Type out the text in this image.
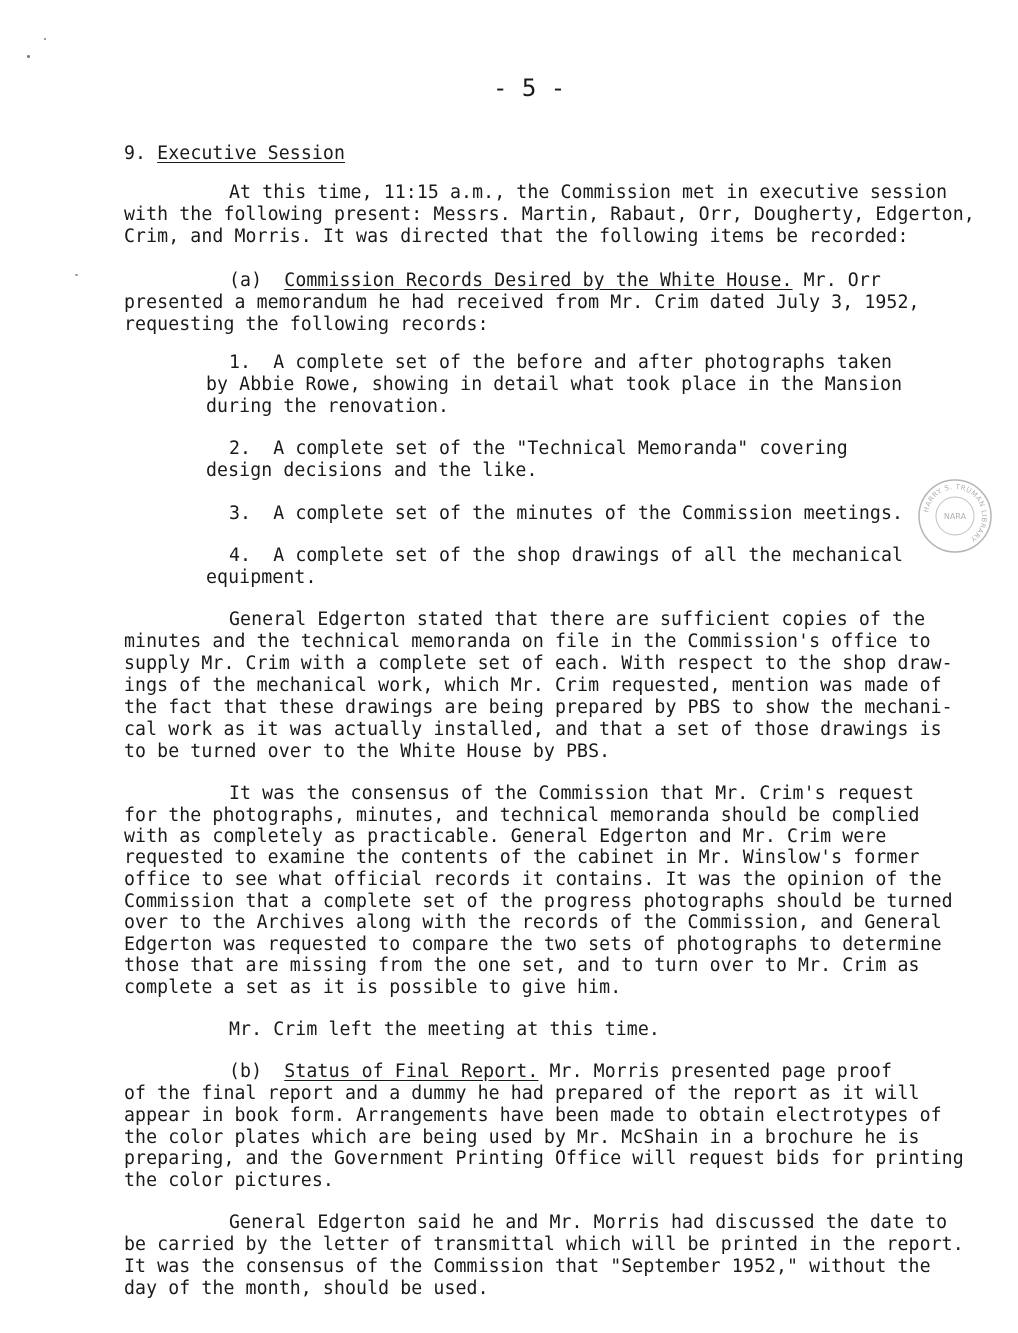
- 5 -
9. Executive Session
At this time, 11:15 a.m., the Commission met in executive session
with the following present: Messrs. Martin, Rabaut, Orr, Dougherty, Edgerton,
Crim, and Morris. It was directed that the following items be recorded:
(a) Commission Records Desired by the White House. Mr. Orr
presented a memorandum he had received from Mr. Crim dated July 3, 1952,
requesting the following records:
1. A complete set of the before and after photographs taken
by Abbie Rowe, showing in detail what took place in the Mansion
during the renovation.
2. A complete set of the "Technical Memoranda" covering
design decisions and the like.
3. A complete set of the minutes of the Commission meetings.
4. A complete set of the shop drawings of all the mechanical
equipment.
General Edgerton stated that there are sufficient copies of the
minutes and the technical memoranda on file in the Commission's office to
supply Mr. Crim with a complete set of each. With respect to the shop draw-
ings of the mechanical work, which Mr. Crim requested, mention was made of
the fact that these drawings are being prepared by PBS to show the mechani-
cal work as it was actually installed, and that a set of those drawings is
to be turned over to the White House by PBS.
It was the consensus of the Commission that Mr. Crim's request
for the photographs, minutes, and technical memoranda should be complied
with as completely as practicable. General Edgerton and Mr. Crim were
requested to examine the contents of the cabinet in Mr. Winslow's former
office to see what official records it contains. It was the opinion of the
Commission that a complete set of the progress photographs should be turned
over to the Archives along with the records of the Commission, and General
Edgerton was requested to compare the two sets of photographs to determine
those that are missing from the one set, and to turn over to Mr. Crim as
complete a set as it is possible to give him.
Mr. Crim left the meeting at this time.
(b) Status of Final Report. Mr. Morris presented page proof
of the final report and a dummy he had prepared of the report as it will
appear in book form. Arrangements have been made to obtain electrotypes of
the color plates which are being used by Mr. McShain in a brochure he is
preparing, and the Government Printing Office will request bids for printing
the color pictures.
General Edgerton said he and Mr. Morris had discussed the date to
be carried by the letter of transmittal which will be printed in the report.
It was the consensus of the Commission that "September 1952," without the
day of the month, should be used.
HARRY S. TRUMAN LIBRARY
NARA
